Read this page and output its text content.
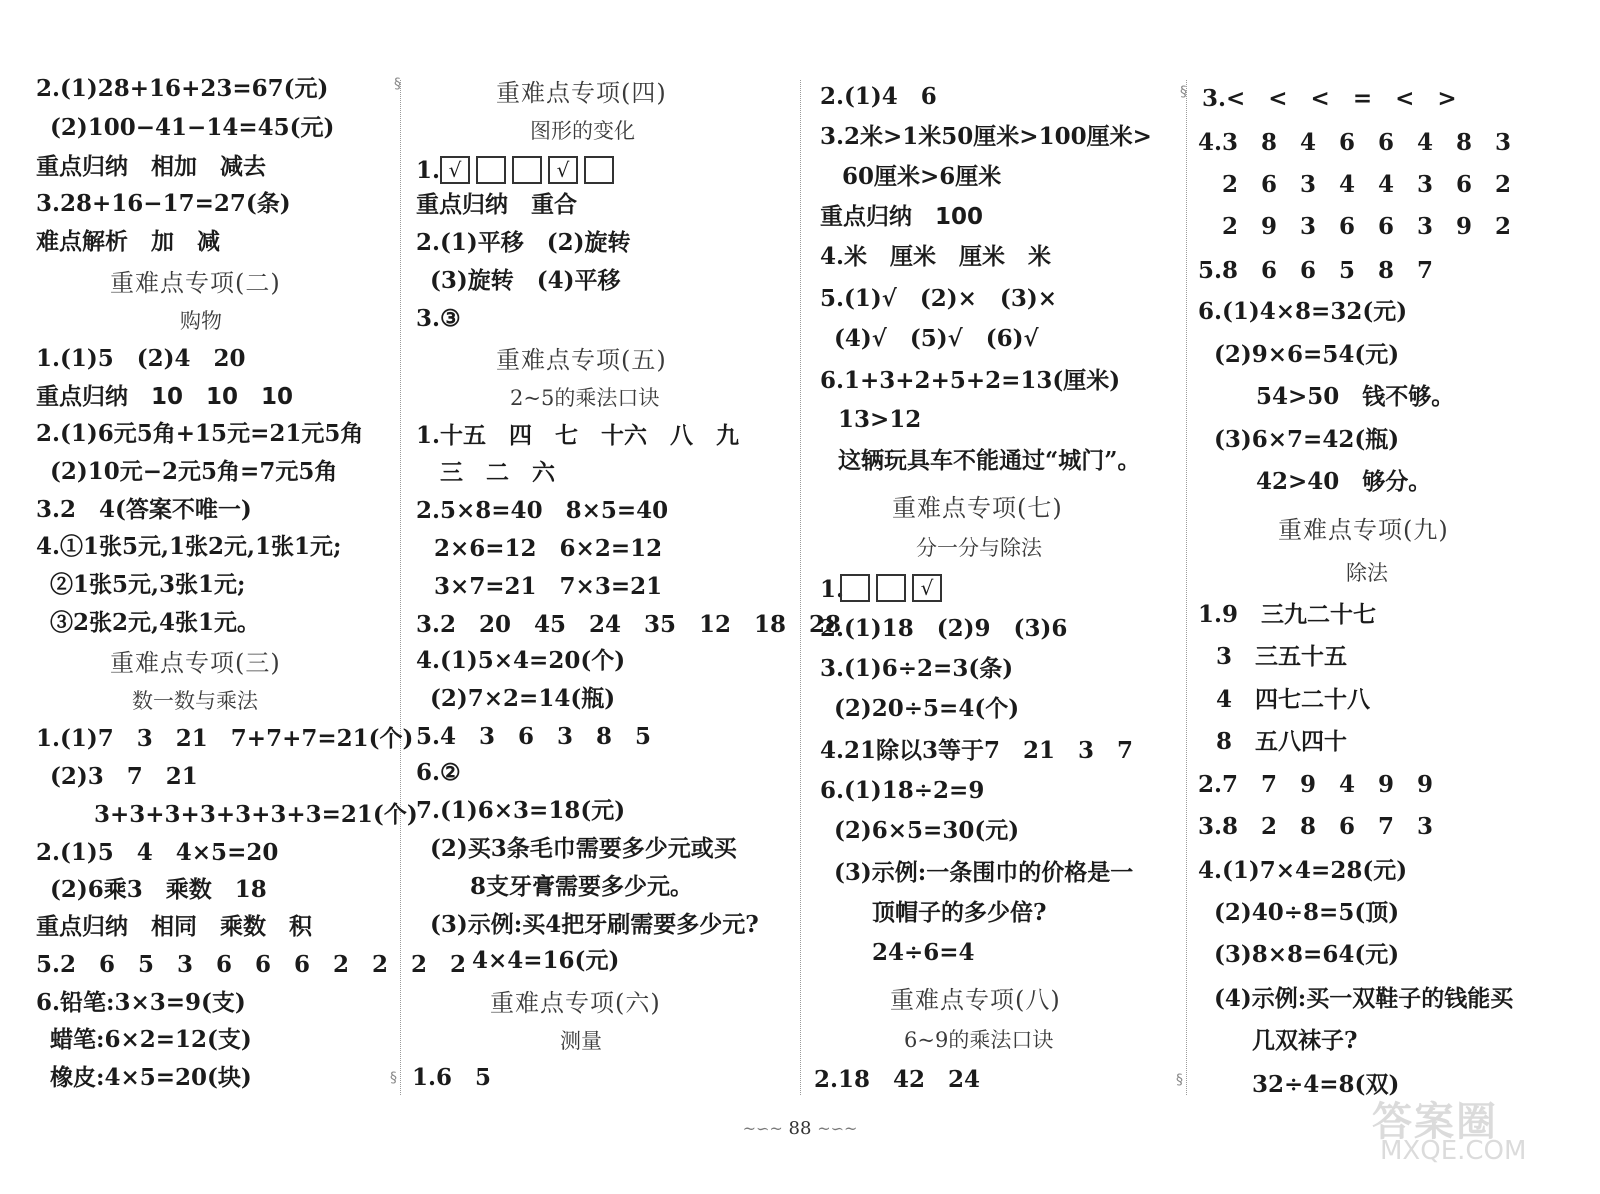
§
§
§
§
2.(1)28+16+23=67(元)
(2)100−41−14=45(元)
重点归纳　相加　减去
3.28+16−17=27(条)
难点解析　加　减
重难点专项(二)
购物
1.(1)5　(2)4　20
重点归纳　10　10　10
2.(1)6元5角+15元=21元5角
(2)10元−2元5角=7元5角
3.2　4(答案不唯一)
4.①1张5元,1张2元,1张1元;
②1张5元,3张1元;
③2张2元,4张1元。
重难点专项(三)
数一数与乘法
1.(1)7　3　21　7+7+7=21(个)
(2)3　7　21
3+3+3+3+3+3+3=21(个)
2.(1)5　4　4×5=20
(2)6乘3　乘数　18
重点归纳　相同　乘数　积
5.2　6　5　3　6　6　6　2　2　2　2
6.铅笔:3×3=9(支)
蜡笔:6×2=12(支)
橡皮:4×5=20(块)
重难点专项(四)
图形的变化
1. √	√
重点归纳　重合
2.(1)平移　(2)旋转
(3)旋转　(4)平移
3.③
重难点专项(五)
2~5的乘法口诀
1.十五　四　七　十六　八　九
三　二　六
2.5×8=40　8×5=40
2×6=12　6×2=12
3×7=21　7×3=21
3.2　20　45　24　35　12　18　28
4.(1)5×4=20(个)
(2)7×2=14(瓶)
5.4　3　6　3　8　5
6.②
7.(1)6×3=18(元)
(2)买3条毛巾需要多少元或买
8支牙膏需要多少元。
(3)示例:买4把牙刷需要多少元?
4×4=16(元)
重难点专项(六)
测量
1.6　5
2.(1)4　6
3.2米>1米50厘米>100厘米>
60厘米>6厘米
重点归纳　100
4.米　厘米　厘米　米
5.(1)√　(2)×　(3)×
(4)√　(5)√　(6)√
6.1+3+2+5+2=13(厘米)
13>12
这辆玩具车不能通过“城门”。
重难点专项(七)
分一分与除法
1.	√
2.(1)18　(2)9　(3)6
3.(1)6÷2=3(条)
(2)20÷5=4(个)
4.21除以3等于7　21　3　7
6.(1)18÷2=9
(2)6×5=30(元)
(3)示例:一条围巾的价格是一
顶帽子的多少倍?
24÷6=4
重难点专项(八)
6~9的乘法口诀
2.18　42　24
3.<　<　<　=　<　>
4.3　8　4　6　6　4　8　3
2　6　3　4　4　3　6　2
2　9　3　6　6　3　9　2
5.8　6　6　5　8　7
6.(1)4×8=32(元)
(2)9×6=54(元)
54>50　钱不够。
(3)6×7=42(瓶)
42>40　够分。
重难点专项(九)
除法
1.9　三九二十七
3　三五十五
4　四七二十八
8　五八四十
2.7　7　9　4　9　9
3.8　2　8　6　7　3
4.(1)7×4=28(元)
(2)40÷8=5(顶)
(3)8×8=64(元)
(4)示例:买一双鞋子的钱能买
几双袜子?
32÷4=8(双)
~∽~ 88 ~∽~	答案圈
MXQE.COM
